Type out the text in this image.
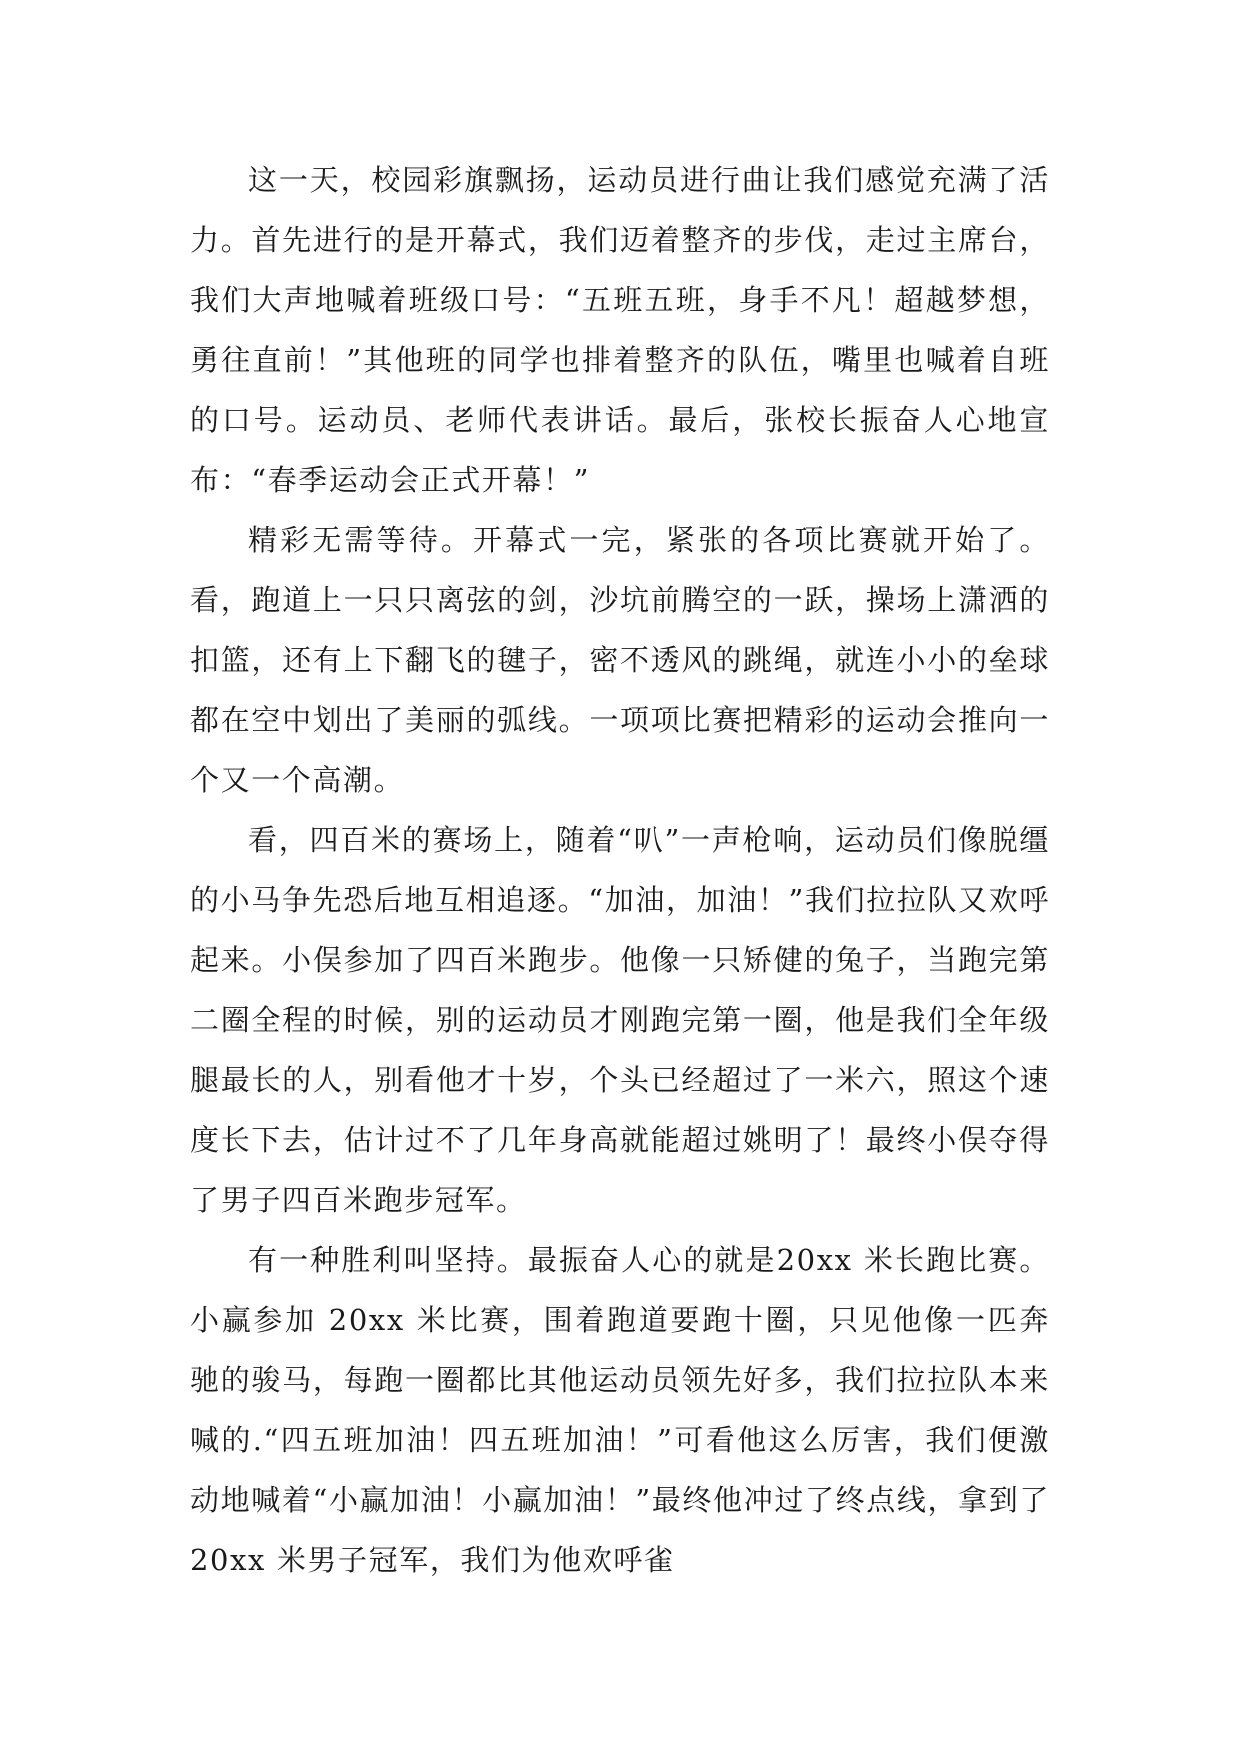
这一天，校园彩旗飘扬，运动员进行曲让我们感觉充满了活力。首先进行的是开幕式，我们迈着整齐的步伐，走过主席台，我们大声地喊着班级口号：“五班五班，身手不凡！超越梦想，勇往直前！”其他班的同学也排着整齐的队伍，嘴里也喊着自班的口号。运动员、老师代表讲话。最后，张校长振奋人心地宣布：“春季运动会正式开幕！”

精彩无需等待。开幕式一完，紧张的各项比赛就开始了。看，跑道上一只只离弦的剑，沙坑前腾空的一跃，操场上潇洒的扣篮，还有上下翻飞的毽子，密不透风的跳绳，就连小小的垒球都在空中划出了美丽的弧线。一项项比赛把精彩的运动会推向一个又一个高潮。

看，四百米的赛场上，随着“叭”一声枪响，运动员们像脱缰的小马争先恐后地互相追逐。“加油，加油！”我们拉拉队又欢呼起来。小俣参加了四百米跑步。他像一只矫健的兔子，当跑完第二圈全程的时候，别的运动员才刚跑完第一圈，他是我们全年级腿最长的人，别看他才十岁，个头已经超过了一米六，照这个速度长下去，估计过不了几年身高就能超过姚明了！最终小俣夺得了男子四百米跑步冠军。

有一种胜利叫坚持。最振奋人心的就是20xx 米长跑比赛。小赢参加 20xx 米比赛，围着跑道要跑十圈，只见他像一匹奔驰的骏马，每跑一圈都比其他运动员领先好多，我们拉拉队本来喊的.“四五班加油！四五班加油！”可看他这么厉害，我们便激动地喊着“小赢加油！小赢加油！”最终他冲过了终点线，拿到了 20xx 米男子冠军，我们为他欢呼雀
